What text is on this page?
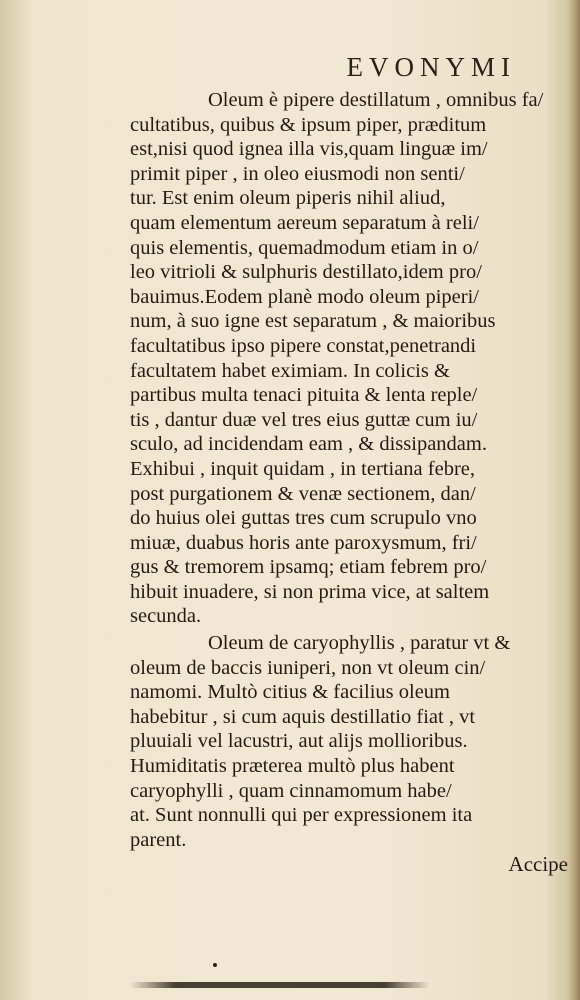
EVONYMI
Oleum è pipere destillatum , omnibus fa/
cultatibus, quibus & ipsum piper, præditum
est,nisi quod ignea illa vis,quam linguæ im/
primit piper , in oleo eiusmodi non senti/
tur. Est enim oleum piperis nihil aliud,
quam elementum aereum separatum à reli/
quis elementis, quemadmodum etiam in o/
leo vitrioli & sulphuris destillato,idem pro/
bauimus.Eodem planè modo oleum piperi/
num, à suo igne est separatum , & maioribus
facultatibus ipso pipere constat,penetrandi
facultatem habet eximiam. In colicis &
partibus multa tenaci pituita & lenta reple/
tis , dantur duæ vel tres eius guttæ cum iu/
sculo, ad incidendam eam , & dissipandam.
Exhibui , inquit quidam , in tertiana febre,
post purgationem & venæ sectionem, dan/
do huius olei guttas tres cum scrupulo vno
miuæ, duabus horis ante paroxysmum, fri/
gus & tremorem ipsamq; etiam febrem pro/
hibuit inuadere, si non prima vice, at saltem
secunda.
Oleum de caryophyllis , paratur vt &
oleum de baccis iuniperi, non vt oleum cin/
namomi. Multò citius & facilius oleum
habebitur , si cum aquis destillatio fiat , vt
pluuiali vel lacustri, aut alijs mollioribus.
Humiditatis præterea multò plus habent
caryophylli , quam cinnamomum habe/
at. Sunt nonnulli qui per expressionem ita
parent.
Accipe
